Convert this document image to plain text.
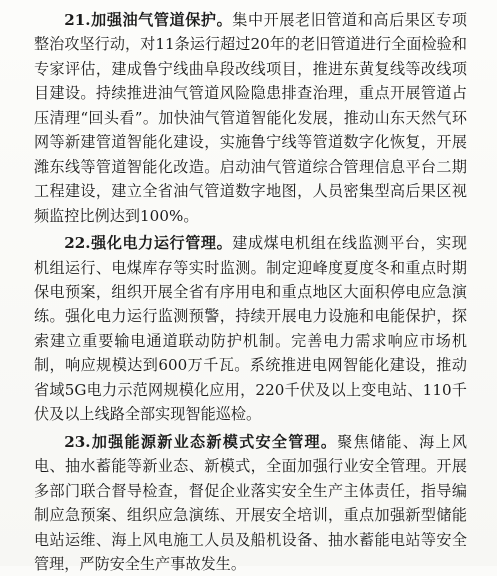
21.加强油气管道保护。集中开展老旧管道和高后果区专项整治攻坚行动，对11条运行超过20年的老旧管道进行全面检验和专家评估，建成鲁宁线曲阜段改线项目，推进东黄复线等改线项目建设。持续推进油气管道风险隐患排查治理，重点开展管道占压清理“回头看”。加快油气管道智能化发展，推动山东天然气环网等新建管道智能化建设，实施鲁宁线等管道数字化恢复，开展潍东线等管道智能化改造。启动油气管道综合管理信息平台二期工程建设，建立全省油气管道数字地图，人员密集型高后果区视频监控比例达到100%。

22.强化电力运行管理。建成煤电机组在线监测平台，实现机组运行、电煤库存等实时监测。制定迎峰度夏度冬和重点时期保电预案，组织开展全省有序用电和重点地区大面积停电应急演练。强化电力运行监测预警，持续开展电力设施和电能保护，探索建立重要输电通道联动防护机制。完善电力需求响应市场机制，响应规模达到600万千瓦。系统推进电网智能化建设，推动省域5G电力示范网规模化应用，220千伏及以上变电站、110千伏及以上线路全部实现智能巡检。

23.加强能源新业态新模式安全管理。聚焦储能、海上风电、抽水蓄能等新业态、新模式，全面加强行业安全管理。开展多部门联合督导检查，督促企业落实安全生产主体责任，指导编制应急预案、组织应急演练、开展安全培训，重点加强新型储能电站运维、海上风电施工人员及船机设备、抽水蓄能电站等安全管理，严防安全生产事故发生。
